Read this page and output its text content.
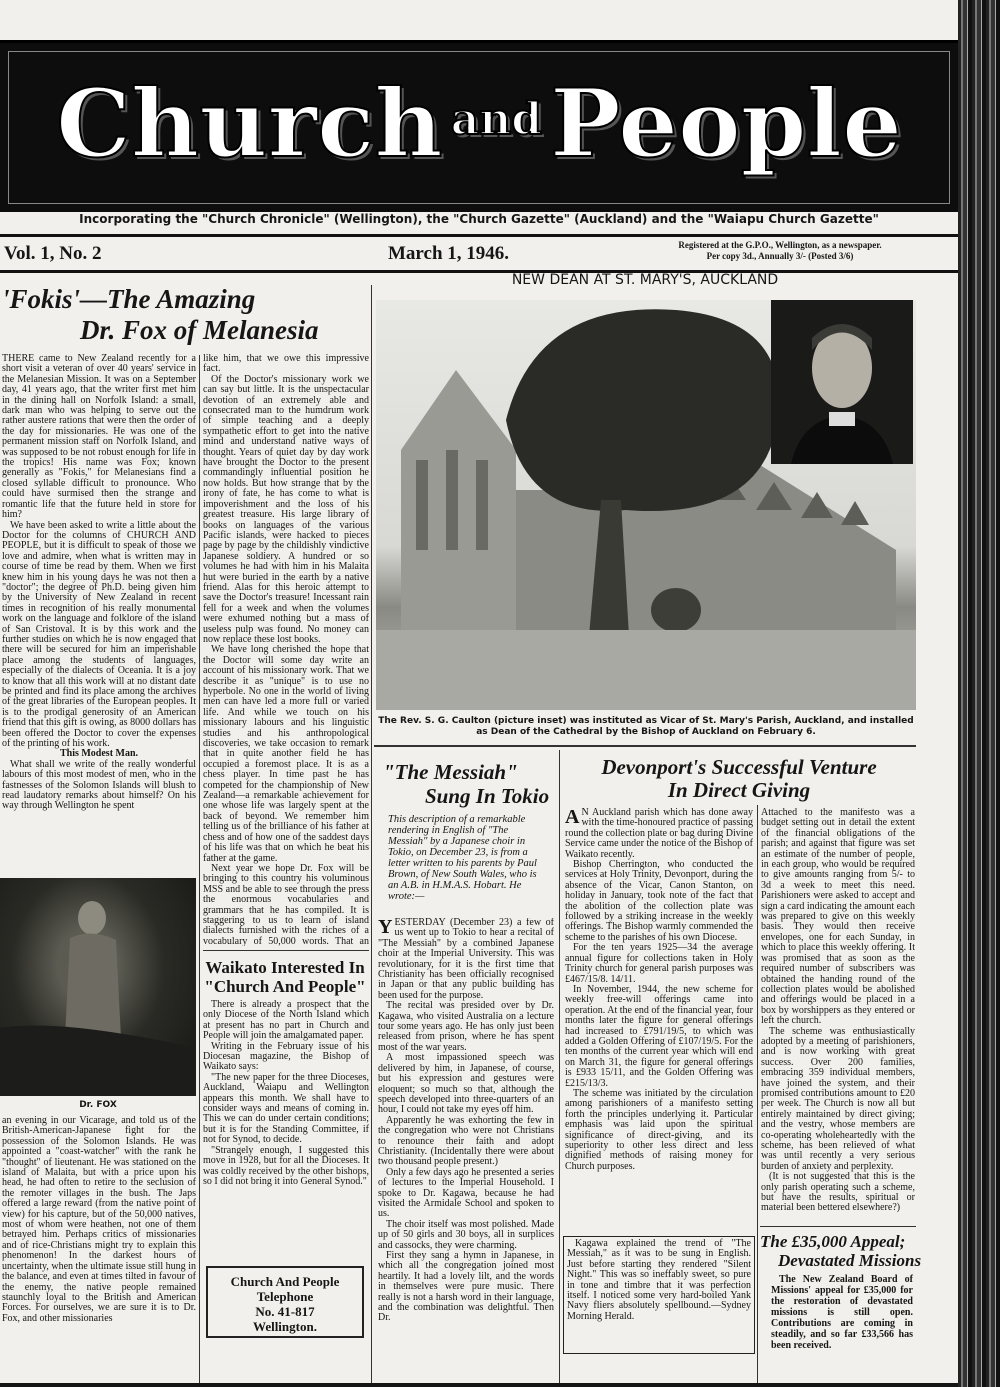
Church $^{and}$People
Incorporating the "Church Chronicle" (Wellington), the "Church Gazette" (Auckland) and the "Waiapu Church Gazette"
Vol. 1, No. 2	March 1, 1946.	Registered at the G.P.O., Wellington, as a newspaper.
Per copy 3d., Annually 3/- (Posted 3/6)
'Fokis'—The Amazing
Dr. Fox of Melanesia

THERE came to New Zealand recently for a short visit a veteran of over 40 years' service in the Melanesian Mission. It was on a September day, 41 years ago, that the writer first met him in the dining hall on Norfolk Island: a small, dark man who was helping to serve out the rather austere rations that were then the order of the day for missionaries. He was one of the permanent mission staff on Norfolk Island, and was supposed to be not robust enough for life in the tropics! His name was Fox; known generally as "Fokis," for Melanesians find a closed syllable difficult to pronounce. Who could have surmised then the strange and romantic life that the future held in store for him?

We have been asked to write a little about the Doctor for the columns of CHURCH AND PEOPLE, but it is difficult to speak of those we love and admire, when what is written may in course of time be read by them. When we first knew him in his young days he was not then a "doctor"; the degree of Ph.D. being given him by the University of New Zealand in recent times in recognition of his really monumental work on the language and folklore of the island of San Cristoval. It is by this work and the further studies on which he is now engaged that there will be secured for him an imperishable place among the students of languages, especially of the dialects of Oceania. It is a joy to know that all this work will at no distant date be printed and find its place among the archives of the great libraries of the European peoples. It is to the prodigal generosity of an American friend that this gift is owing, as 8000 dollars has been offered the Doctor to cover the expenses of the printing of his work.

This Modest Man.

What shall we write of the really wonderful labours of this most modest of men, who in the fastnesses of the Solomon Islands will blush to read laudatory remarks about himself? On his way through Wellington he spent

Dr. FOX

an evening in our Vicarage, and told us of the British-American-Japanese fight for the possession of the Solomon Islands. He was appointed a "coast-watcher" with the rank he "thought" of lieutenant. He was stationed on the island of Malaita, but with a price upon his head, he had often to retire to the seclusion of the remoter villages in the bush. The Japs offered a large reward (from the native point of view) for his capture, but of the 50,000 natives, most of whom were heathen, not one of them betrayed him. Perhaps critics of missionaries and of rice-Christians might try to explain this phenomenon! In the darkest hours of uncertainty, when the ultimate issue still hung in the balance, and even at times tilted in favour of the enemy, the native people remained staunchly loyal to the British and American Forces. For ourselves, we are sure it is to Dr. Fox, and other missionaries

like him, that we owe this impressive fact.

Of the Doctor's missionary work we can say but little. It is the unspectacular devotion of an extremely able and consecrated man to the humdrum work of simple teaching and a deeply sympathetic effort to get into the native mind and understand native ways of thought. Years of quiet day by day work have brought the Doctor to the present commandingly influential position he now holds. But how strange that by the irony of fate, he has come to what is impoverishment and the loss of his greatest treasure. His large library of books on languages of the various Pacific islands, were hacked to pieces page by page by the childishly vindictive Japanese soldiery. A hundred or so volumes he had with him in his Malaita hut were buried in the earth by a native friend. Alas for this heroic attempt to save the Doctor's treasure! Incessant rain fell for a week and when the volumes were exhumed nothing but a mass of useless pulp was found. No money can now replace these lost books.

We have long cherished the hope that the Doctor will some day write an account of his missionary work. That we describe it as "unique" is to use no hyperbole. No one in the world of living men can have led a more full or varied life. And while we touch on his missionary labours and his linguistic studies and his anthropological discoveries, we take occasion to remark that in quite another field he has occupied a foremost place. It is as a chess player. In time past he has competed for the championship of New Zealand—a remarkable achievement for one whose life was largely spent at the back of beyond. We remember him telling us of the brilliance of his father at chess and of how one of the saddest days of his life was that on which he beat his father at the game.

Next year we hope Dr. Fox will be bringing to this country his voluminous MSS and be able to see through the press the enormous vocabularies and grammars that he has compiled. It is staggering to us to learn of island dialects furnished with the riches of a vocabulary of 50,000 words. That an

Waikato Interested In
"Church And People"

There is already a prospect that the only Diocese of the North Island which at present has no part in Church and People will join the amalgamated paper.

Writing in the February issue of his Diocesan magazine, the Bishop of Waikato says:

"The new paper for the three Dioceses, Auckland, Waiapu and Wellington appears this month. We shall have to consider ways and means of coming in. This we can do under certain conditions; but it is for the Standing Committee, if not for Synod, to decide.

"Strangely enough, I suggested this move in 1928, but for all the Dioceses. It was coldly received by the other bishops, so I did not bring it into General Synod."

Church And People
Telephone
No. 41-817
Wellington.
NEW DEAN AT ST. MARY'S, AUCKLAND
The Rev. S. G. Caulton (picture inset) was instituted as Vicar of St. Mary's Parish, Auckland, and installed as Dean of the Cathedral by the Bishop of Auckland on February 6.
"The Messiah"
Sung In Tokio
This description of a remarkable rendering in English of "The Messiah" by a Japanese choir in Tokio, on December 23, is from a letter written to his parents by Paul Brown, of New South Wales, who is an A.B. in H.M.A.S. Hobart. He wrote:—

YESTERDAY (December 23) a few of us went up to Tokio to hear a recital of "The Messiah" by a combined Japanese choir at the Imperial University. This was revolutionary, for it is the first time that Christianity has been officially recognised in Japan or that any public building has been used for the purpose.

The recital was presided over by Dr. Kagawa, who visited Australia on a lecture tour some years ago. He has only just been released from prison, where he has spent most of the war years.

A most impassioned speech was delivered by him, in Japanese, of course, but his expression and gestures were eloquent; so much so that, although the speech developed into three-quarters of an hour, I could not take my eyes off him.

Apparently he was exhorting the few in the congregation who were not Christians to renounce their faith and adopt Christianity. (Incidentally there were about two thousand people present.)

Only a few days ago he presented a series of lectures to the Imperial Household. I spoke to Dr. Kagawa, because he had visited the Armidale School and spoken to us.

The choir itself was most polished. Made up of 50 girls and 30 boys, all in surplices and cassocks, they were charming.

First they sang a hymn in Japanese, in which all the congregation joined most heartily. It had a lovely lilt, and the words in themselves were pure music. There really is not a harsh word in their language, and the combination was delightful. Then Dr.

Devonport's Successful Venture
In Direct Giving

A N Auckland parish which has done away with the time-honoured practice of passing round the collection plate or bag during Divine Service came under the notice of the Bishop of Waikato recently.

Bishop Cherrington, who conducted the services at Holy Trinity, Devonport, during the absence of the Vicar, Canon Stanton, on holiday in January, took note of the fact that the abolition of the collection plate was followed by a striking increase in the weekly offerings. The Bishop warmly commended the scheme to the parishes of his own Diocese.

For the ten years 1925—34 the average annual figure for collections taken in Holy Trinity church for general parish purposes was £467/15/8. 14/11.

In November, 1944, the new scheme for weekly free-will offerings came into operation. At the end of the financial year, four months later the figure for general offerings had increased to £791/19/5, to which was added a Golden Offering of £107/19/5. For the ten months of the current year which will end on March 31, the figure for general offerings is £933 15/11, and the Golden Offering was £215/13/3.

The scheme was initiated by the circulation among parishioners of a manifesto setting forth the principles underlying it. Particular emphasis was laid upon the spiritual significance of direct-giving, and its superiority to other less direct and less dignified methods of raising money for Church purposes.

Kagawa explained the trend of "The Messiah," as it was to be sung in English. Just before starting they rendered "Silent Night." This was so ineffably sweet, so pure in tone and timbre that it was perfection itself. I noticed some very hard-boiled Yank Navy fliers absolutely spellbound.—Sydney Morning Herald.

Attached to the manifesto was a budget setting out in detail the extent of the financial obligations of the parish; and against that figure was set an estimate of the number of people, in each group, who would be required to give amounts ranging from 5/- to 3d a week to meet this need. Parishioners were asked to accept and sign a card indicating the amount each was prepared to give on this weekly basis. They would then receive envelopes, one for each Sunday, in which to place this weekly offering. It was promised that as soon as the required number of subscribers was obtained the handing round of the collection plates would be abolished and offerings would be placed in a box by worshippers as they entered or left the church.

The scheme was enthusiastically adopted by a meeting of parishioners, and is now working with great success. Over 200 families, embracing 359 individual members, have joined the system, and their promised contributions amount to £20 per week. The Church is now all but entirely maintained by direct giving; and the vestry, whose members are co-operating wholeheartedly with the scheme, has been relieved of what was until recently a very serious burden of anxiety and perplexity.

(It is not suggested that this is the only parish operating such a scheme, but have the results, spiritual or material been bettered elsewhere?)

The £35,000 Appeal;
Devastated Missions
The New Zealand Board of Missions' appeal for £35,000 for the restoration of devastated missions is still open. Contributions are coming in steadily, and so far £33,566 has been received.
